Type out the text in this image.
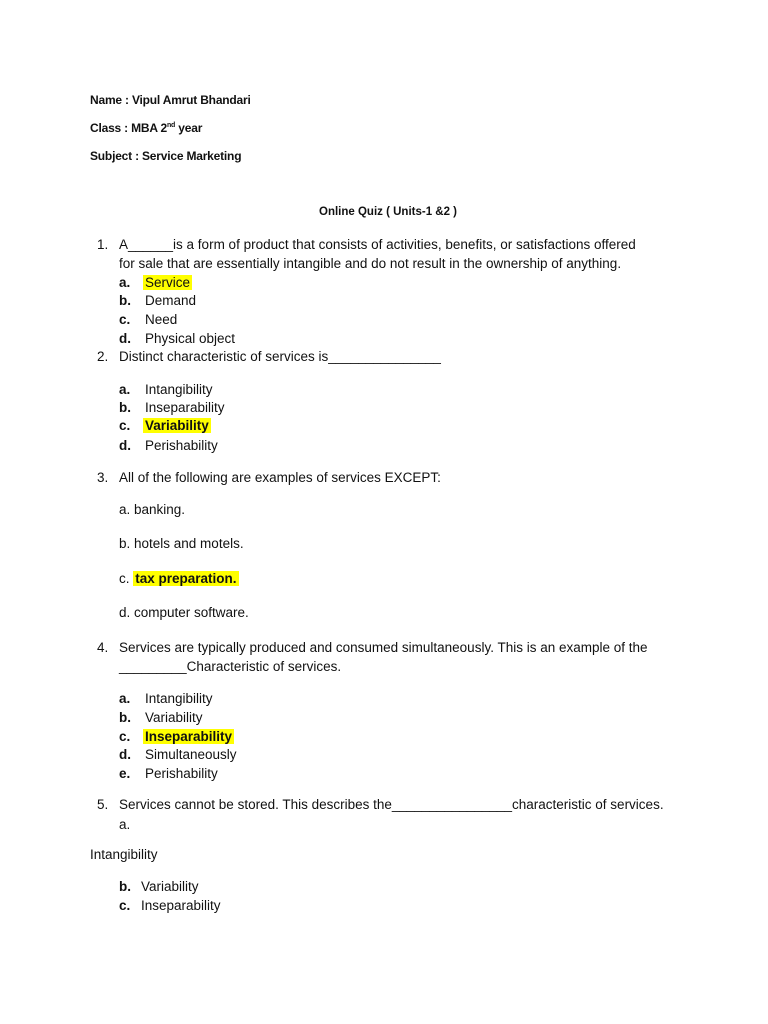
Name : Vipul Amrut Bhandari
Class : MBA 2nd year
Subject : Service Marketing
Online Quiz ( Units-1 &2 )
1. A______is a form of product that consists of activities, benefits, or satisfactions offered
for sale that are essentially intangible and do not result in the ownership of anything.
a. Service
b. Demand
c. Need
d. Physical object
2. Distinct characteristic of services is_______________
a. Intangibility
b. Inseparability
c. Variability
d. Perishability
3. All of the following are examples of services EXCEPT:
a. banking.
b. hotels and motels.
c. tax preparation.
d. computer software.
4. Services are typically produced and consumed simultaneously. This is an example of the
_________Characteristic of services.
a. Intangibility
b. Variability
c. Inseparability
d. Simultaneously
e. Perishability
5. Services cannot be stored. This describes the________________characteristic of services.
a.
Intangibility
b. Variability
c. Inseparability
